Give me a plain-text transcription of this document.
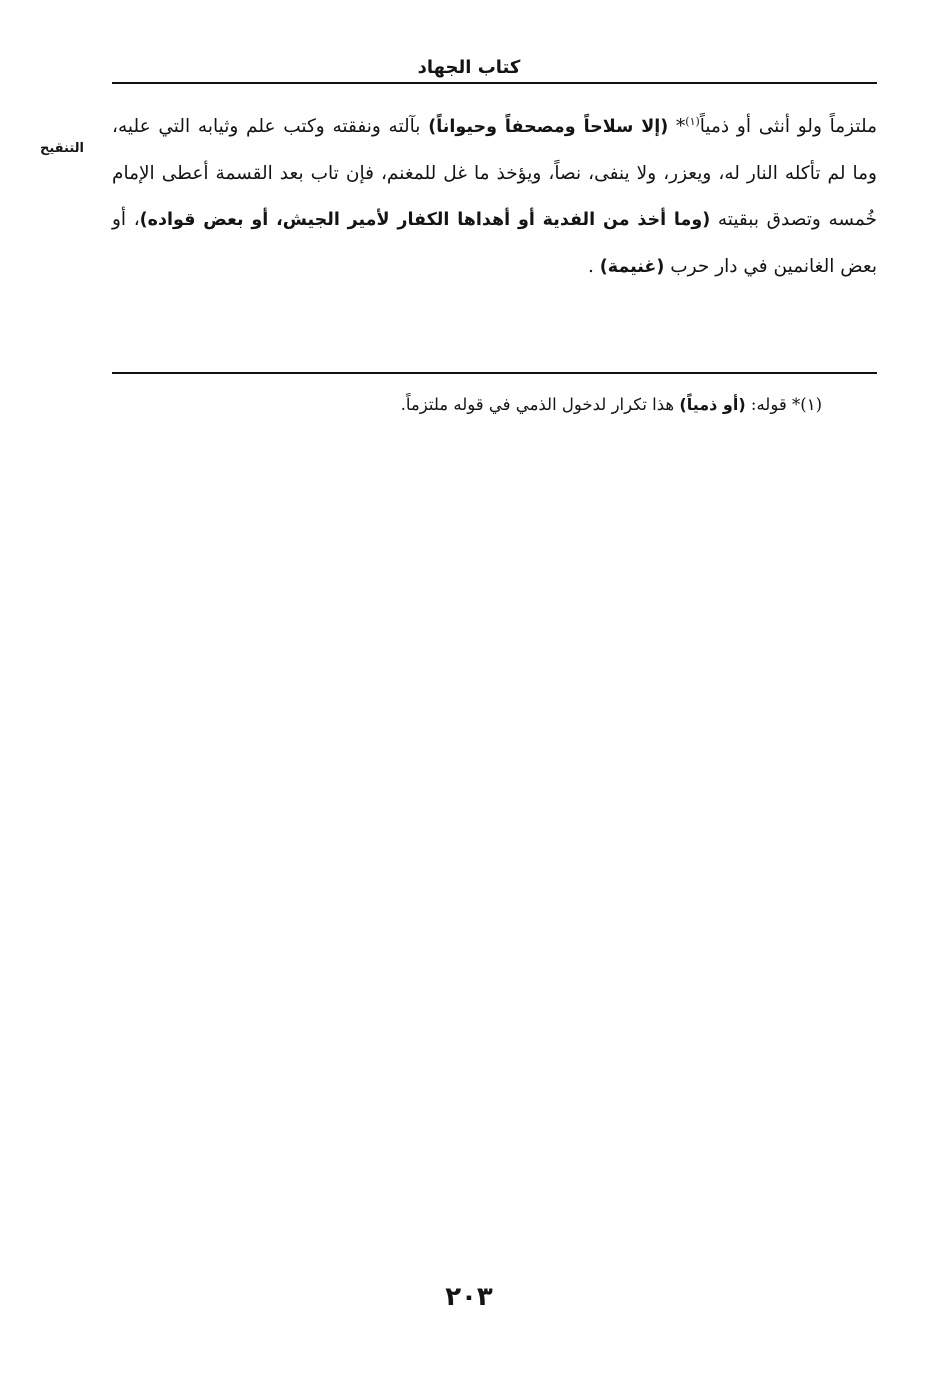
كتاب الجهاد
التنقيح
ملتزماً ولو أنثى أو ذمياً$^{(١)}$* (إلا سلاحاً ومصحفاً وحيواناً) بآلته ونفقته وكتب علم وثيابه التي عليه، وما لم تأكله النار له، ويعزر، ولا ينفى، نصاً، ويؤخذ ما غل للمغنم، فإن تاب بعد القسمة أعطى الإمام خُمسه وتصدق ببقيته (وما أخذ من الفدية أو أهداها الكفار لأمير الجيش، أو بعض قواده)، أو بعض الغانمين في دار حرب (غنيمة) .
(١)* قوله: (أو ذمياً) هذا تكرار لدخول الذمي في قوله ملتزماً.
٢٠٣
